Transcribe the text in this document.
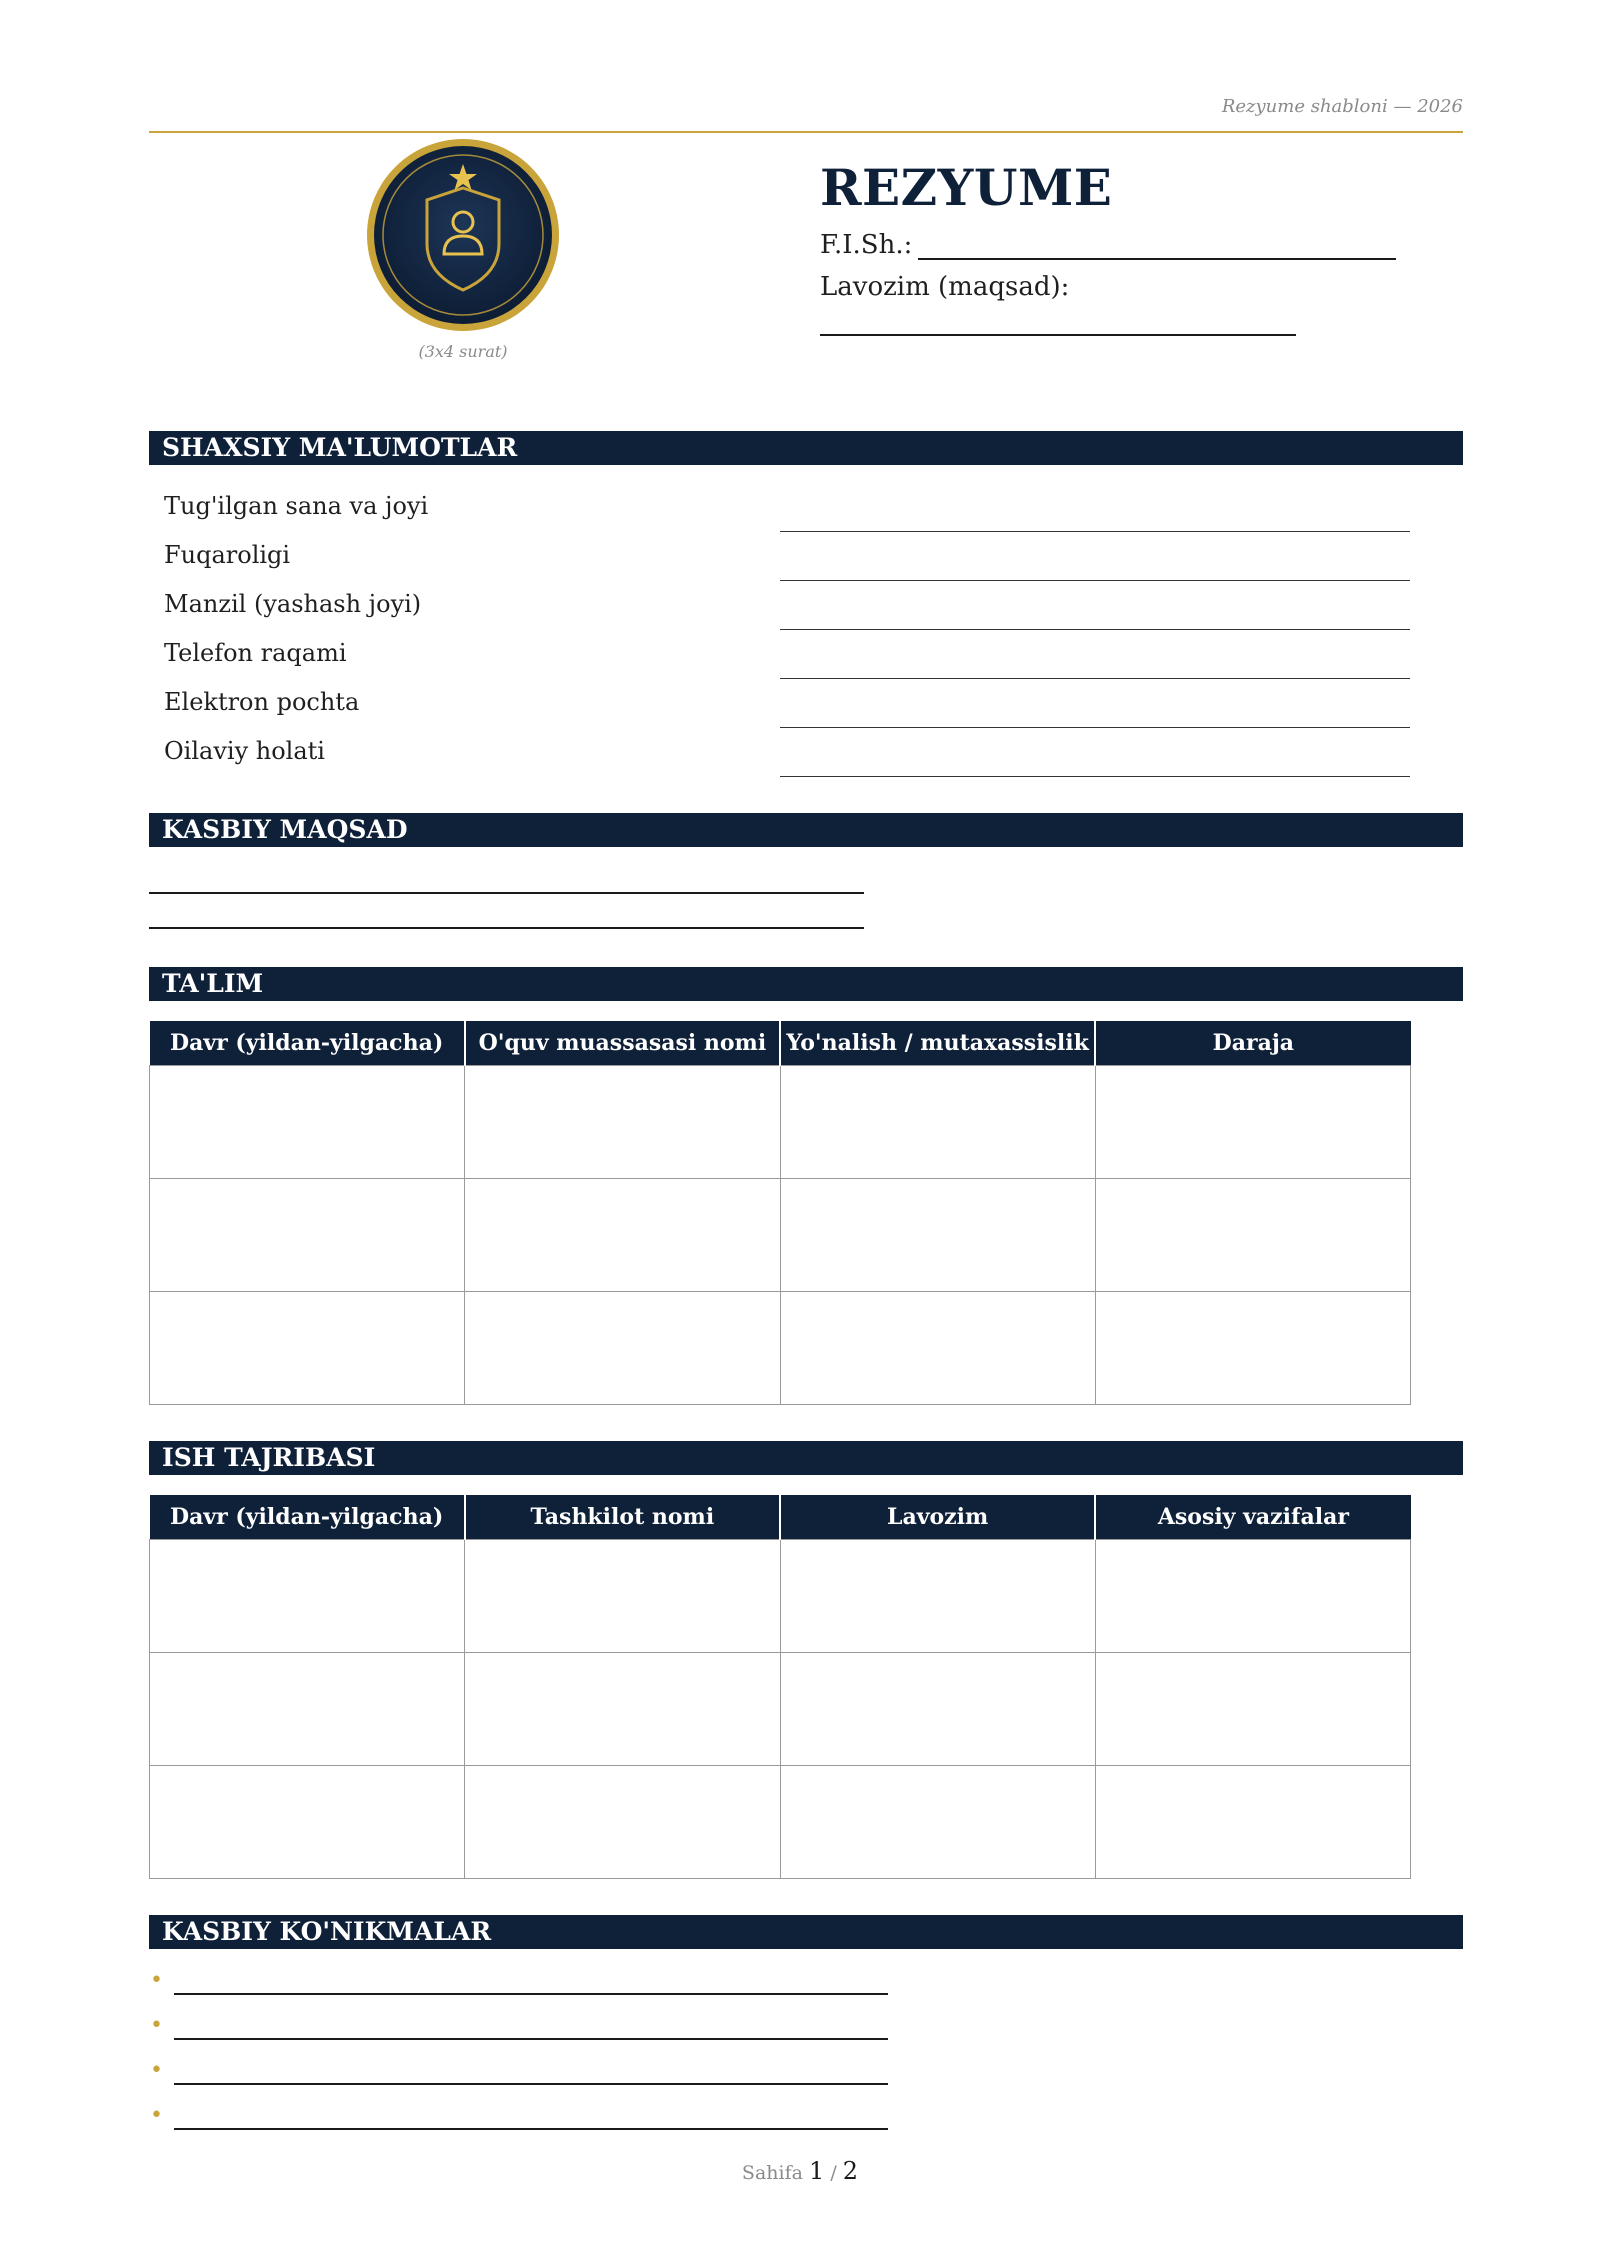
Rezyume shabloni — 2026
(3x4 surat)
REZYUME
F.I.Sh.:
Lavozim (maqsad):
SHAXSIY MA'LUMOTLAR
Tug'ilgan sana va joyi
Fuqaroligi
Manzil (yashash joyi)
Telefon raqami
Elektron pochta
Oilaviy holati
KASBIY MAQSAD
TA'LIM
Davr (yildan-yilgacha)	O'quv muassasasi nomi	Yo'nalish / mutaxassislik	Daraja

ISH TAJRIBASI
Davr (yildan-yilgacha)	Tashkilot nomi	Lavozim	Asosiy vazifalar

KASBIY KO'NIKMALAR
•
•
•
•
Sahifa 1 / 2
